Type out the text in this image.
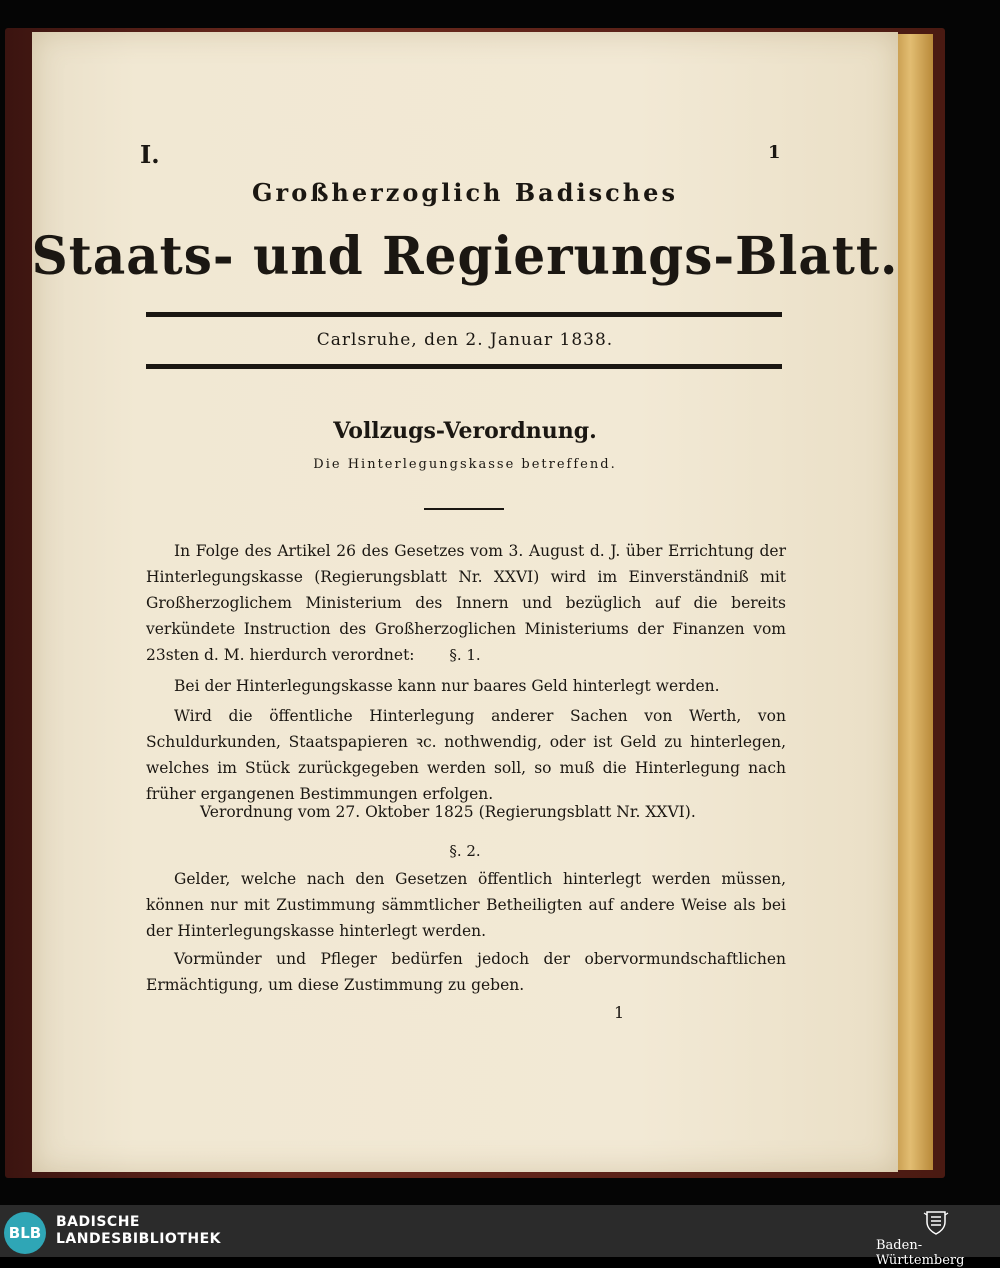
I.	1
Großherzoglich Badisches
Staats- und Regierungs-Blatt.
Carlsruhe, den 2. Januar 1838.
Vollzugs-Verordnung.
Die Hinterlegungskasse betreffend.
In Folge des Artikel 26 des Gesetzes vom 3. August d. J. über Errichtung der Hinterlegungskasse (Regierungsblatt Nr. XXVI) wird im Einverständniß mit Großherzoglichem Ministerium des Innern und bezüglich auf die bereits verkündete Instruction des Großherzoglichen Ministeriums der Finanzen vom 23sten d. M. hierdurch verordnet:	§. 1.
Bei der Hinterlegungskasse kann nur baares Geld hinterlegt werden.
Wird die öffentliche Hinterlegung anderer Sachen von Werth, von Schuldurkunden, Staatspapieren ꝛc. nothwendig, oder ist Geld zu hinterlegen, welches im Stück zurückgegeben werden soll, so muß die Hinterlegung nach früher ergangenen Bestimmungen erfolgen.
Verordnung vom 27. Oktober 1825 (Regierungsblatt Nr. XXVI).
§. 2.
Gelder, welche nach den Gesetzen öffentlich hinterlegt werden müssen, können nur mit Zustimmung sämmtlicher Betheiligten auf andere Weise als bei der Hinterlegungskasse hinterlegt werden.
Vormünder und Pfleger bedürfen jedoch der obervormundschaftlichen Ermächtigung, um diese Zustimmung zu geben.
1
BLB
BADISCHE
LANDESBIBLIOTHEK	Baden-Württemberg
